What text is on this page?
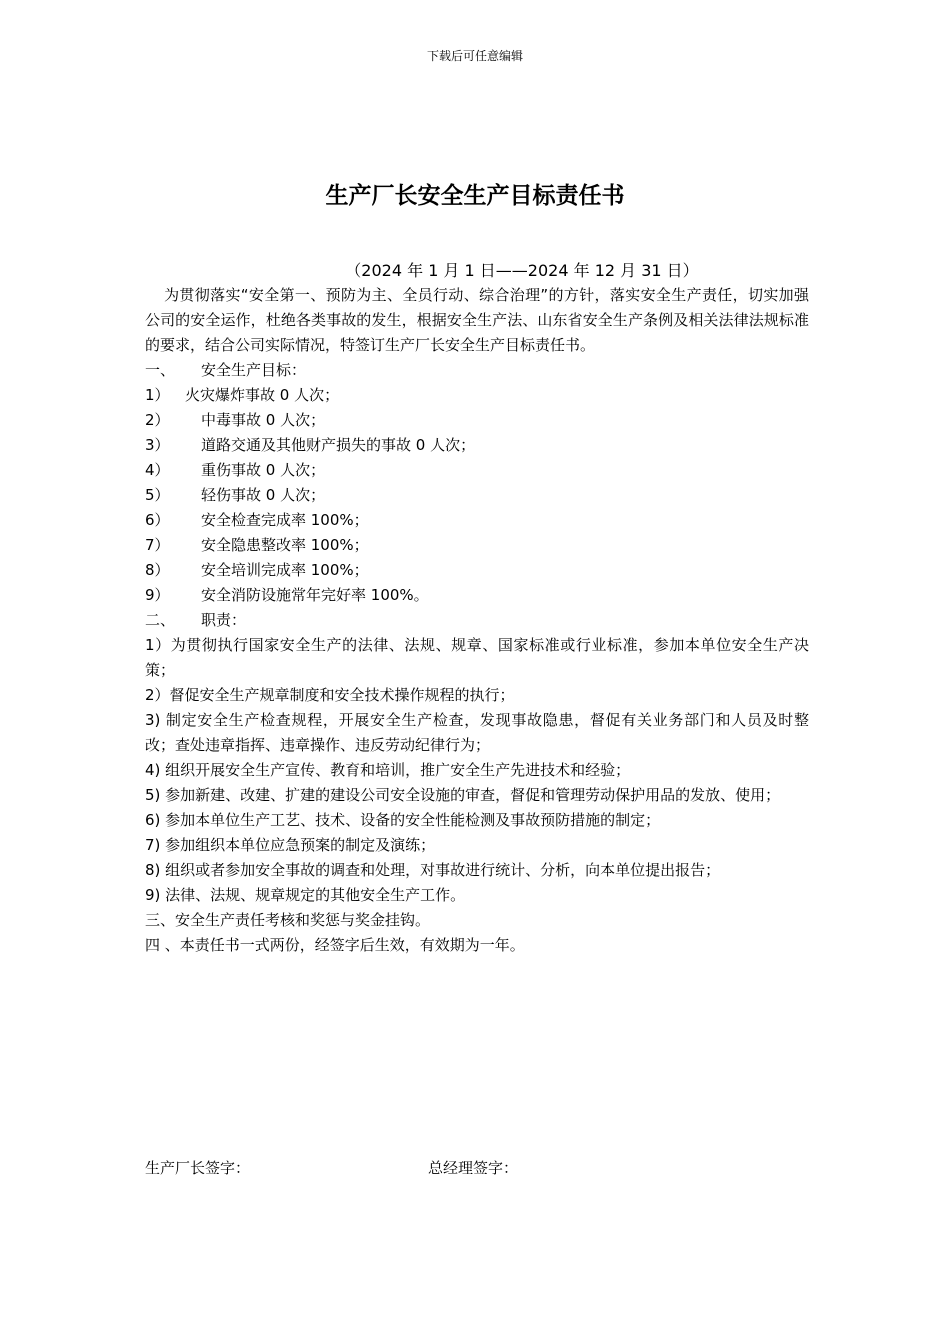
下载后可任意编辑
生产厂长安全生产目标责任书
（2024 年 1 月 1 日——2024 年 12 月 31 日）
为贯彻落实“安全第一、预防为主、全员行动、综合治理”的方针，落实安全生产责任，切实加强公司的安全运作，杜绝各类事故的发生，根据安全生产法、山东省安全生产条例及相关法律法规标准的要求，结合公司实际情况，特签订生产厂长安全生产目标责任书。
一、 安全生产目标：
1） 火灾爆炸事故 0 人次；
2） 中毒事故 0 人次；
3） 道路交通及其他财产损失的事故 0 人次；
4） 重伤事故 0 人次；
5） 轻伤事故 0 人次；
6） 安全检查完成率 100%；
7） 安全隐患整改率 100%；
8） 安全培训完成率 100%；
9） 安全消防设施常年完好率 100%。
二、 职责：
1）为贯彻执行国家安全生产的法律、法规、规章、国家标准或行业标准，参加本单位安全生产决策；
2）督促安全生产规章制度和安全技术操作规程的执行；
3) 制定安全生产检查规程，开展安全生产检查，发现事故隐患，督促有关业务部门和人员及时整改；查处违章指挥、违章操作、违反劳动纪律行为；
4) 组织开展安全生产宣传、教育和培训，推广安全生产先进技术和经验；
5) 参加新建、改建、扩建的建设公司安全设施的审查，督促和管理劳动保护用品的发放、使用；
6) 参加本单位生产工艺、技术、设备的安全性能检测及事故预防措施的制定；
7) 参加组织本单位应急预案的制定及演练；
8) 组织或者参加安全事故的调查和处理，对事故进行统计、分析，向本单位提出报告；
9) 法律、法规、规章规定的其他安全生产工作。
三、安全生产责任考核和奖惩与奖金挂钩。
四 、本责任书一式两份，经签字后生效，有效期为一年。
生产厂长签字：	总经理签字：
